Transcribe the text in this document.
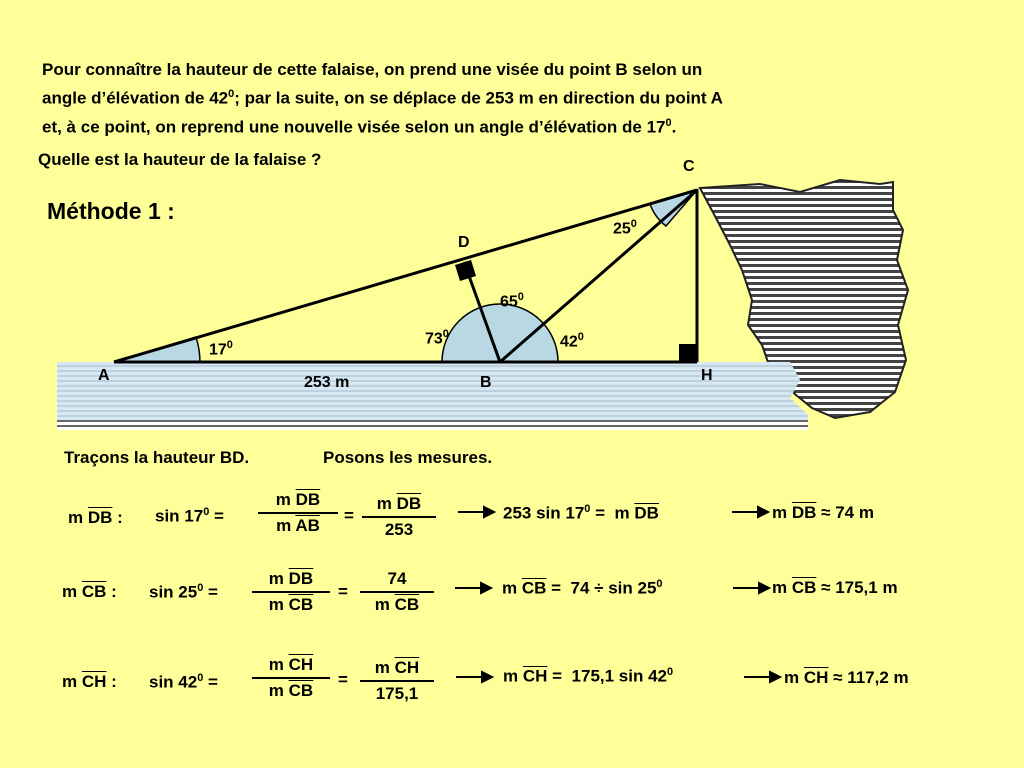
Pour connaître la hauteur de cette falaise, on prend une visée du point B selon un
angle d’élévation de $42^0$; par la suite, on se déplace de 253 m en direction du point A
et, à ce point, on reprend une nouvelle visée selon un angle d’élévation de $17^0$.
Quelle est la hauteur de la falaise ?
Méthode 1 :
C
D
A	B	H
253 m
$17^0$
$25^0$
$65^0$
$73^0$	$42^0$
Traçons la hauteur BD.	Posons les mesures.
m $\overline{DB}$ : $\sin 17^0$ =
m $\overline{DB}$
m $\overline{AB}$
=
m $\overline{DB}$
253
253 $\sin 17^0 = m$ $\overline{DB}$	m $\overline{DB} \approx 74$ m
m $\overline{CB}$ : $\sin 25^0$ =
m $\overline{DB}$
m $\overline{CB}$
=
74
m $\overline{CB}$
m $\overline{CB} = 74 \div \sin 25^0$	m $\overline{CB} \approx 175,1$ m
m $\overline{CH}$ : $\sin 42^0$ =
m $\overline{CH}$
m $\overline{CB}$
=
m $\overline{CH}$
175,1
m $\overline{CH} = 175,1$ $\sin 42^0$	m $\overline{CH} \approx 117,2$ m
